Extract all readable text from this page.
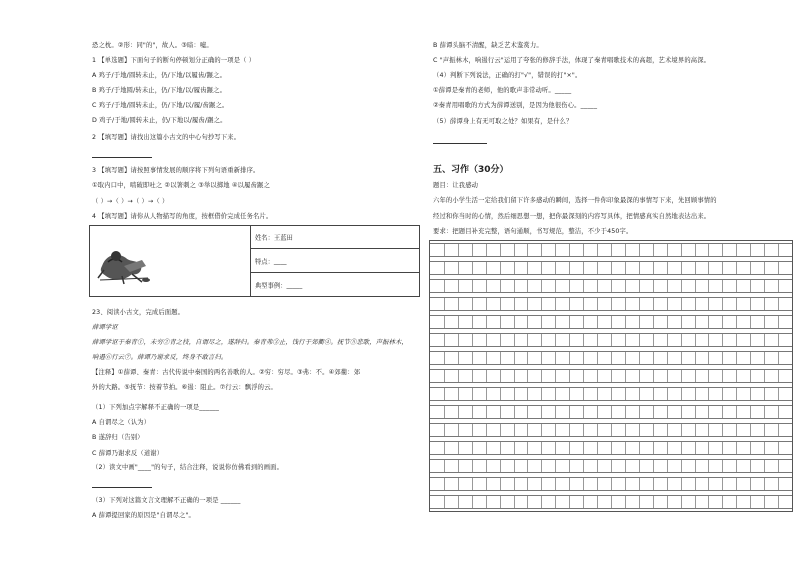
恐之枕。②形：同"的"，故人。③暗：嘘。
1 【单选题】下面句子的断句停顿划分正确的一项是（ ）
A 鸡子/于地/圆转未止，仍/下地/以履齿/蹍之。
B 鸡子/于地圆/转未止，仍/下地/以/履齿蹍之。
C 鸡子/于地/圆转未止，仍/下地/以/履/齿蹍之。
D 鸡子/于地/圆转未止，仍/下地以/履齿/蹍之。
2 【填写题】请找出这篇小古文的中心句抄写下来。
3 【填写题】请按照事情发展的顺序将下列句语重新排序。
①取内口中，啮破即吐之 ②以箸刺之 ③举以掷地 ④以履齿蹍之
（ ）→（ ）→（ ）→（ ）
4 【填写题】请你从人物描写的角度，按框借价完成任务名片。
23、阅读小古文，完成后面题。
薛谭学讴
薛谭学讴于秦青①，未穷②青之技，自谓尽之，遂辞归。秦青弗③止，饯行于郊衢④。抚节⑤悲歌，声振林木，
响遏⑥行云⑦。薛谭乃谢求反，终身不敢言归。
【注释】①薛谭、秦青：古代传说中秦国的两名善歌的人。②穷：穷尽。③弗：不。④郊衢：郊
外的大路。⑤抚节：按着节拍。⑥遏：阻止。⑦行云：飘浮的云。
（1）下列加点字解释不正确的一项是______
A 自谓尽之（认为）
B 遂辞归（告别）
C 薛谭乃谢求反（道谢）
（2）读文中画"____"的句子，结合注释，说说你仿佛看到的画面。
（3）下列对这篇文言文理解不正确的一项是 ______
A 薛谭提回家的原因是"自谓尽之"。
姓名：王蓝田
特点：____
典型事例：_____
B 薛谭头脑不清醒，缺乏艺术鉴赏力。
C "声振林木，响遏行云"运用了夸张的修辞手法，体现了秦青唱歌技术的高超，艺术境界的高深。
（4）判断下列说法，正确的打"√"，错误的打"×"。
①薛谭是秦青的老师，他的歌声非常动听。_____
②秦青用唱歌的方式为薛谭送别，是因为他很伤心。_____
（5）薛谭身上有无可取之处？如果有，是什么？
五、习作（30分）
题目：让我感动
六年的小学生活一定给我们留下许多感动的瞬间，选择一件你印象最深的事情写下来，先回顾事情的
经过和你当时的心情，然后细思想一想，把你最深刻的内容写具体，把情感真实自然地表达出来。
要求：把题目补充完整，语句通顺，书写规范，整洁，不少于450字。
